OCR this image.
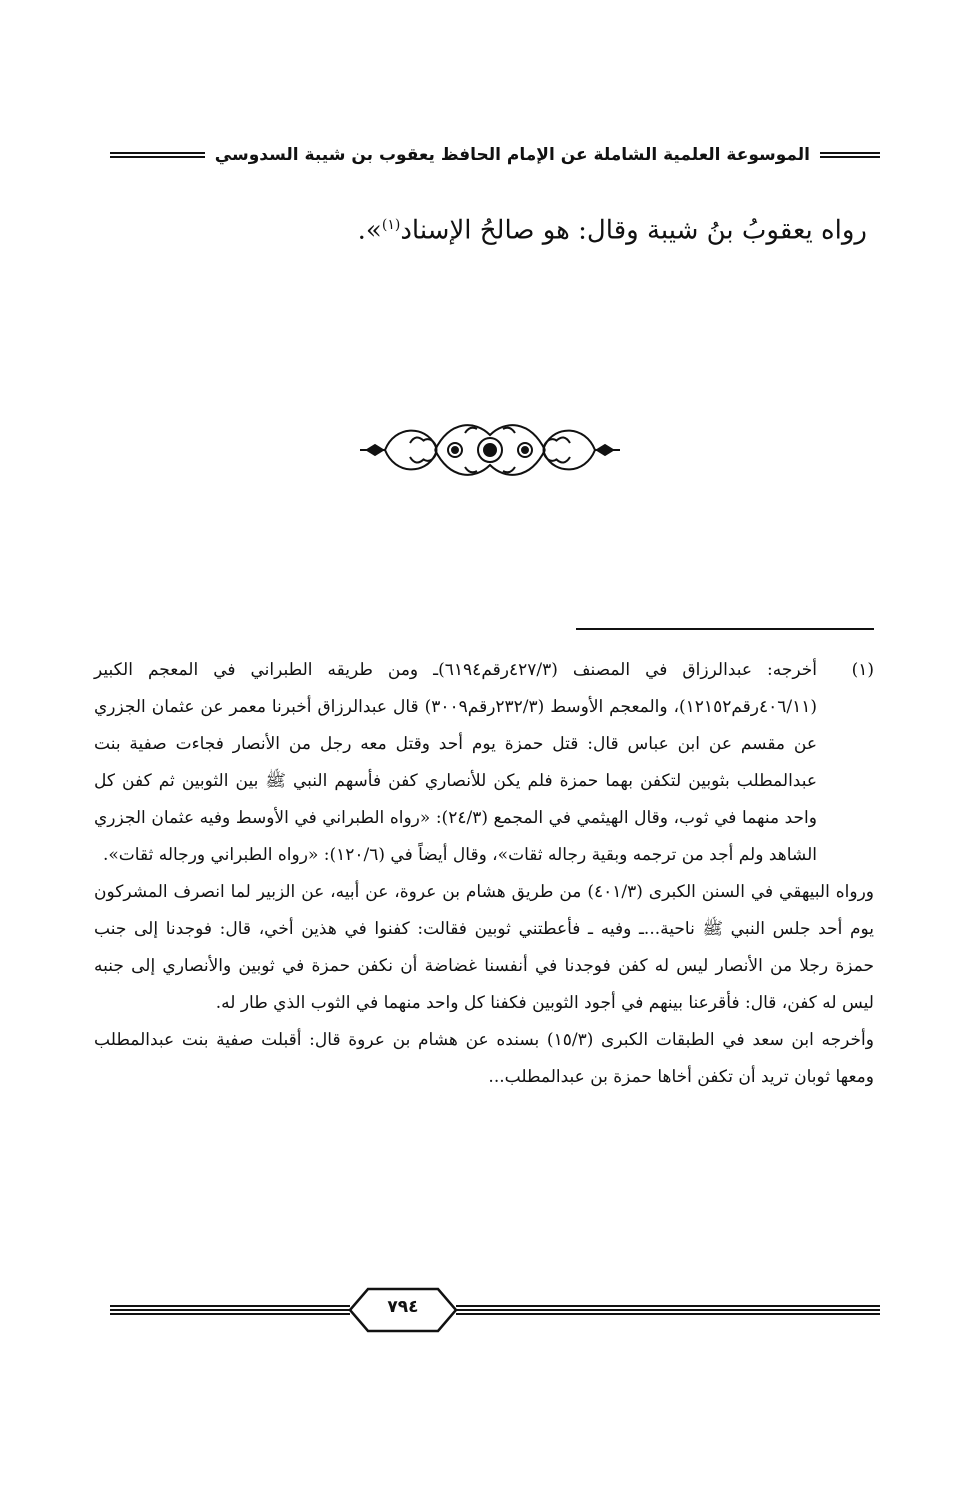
الموسوعة العلمية الشاملة عن الإمام الحافظ يعقوب بن شيبة السدوسي
رواه يعقوبُ بنُ شيبة وقال: هو صالحُ الإسناد$^{(١)}$».
(١)

أخرجه: عبدالرزاق في المصنف (٤٢٧/٣رقم٦١٩٤)ـ ومن طريقه الطبراني في المعجم الكبير (٤٠٦/١١رقم١٢١٥٢)، والمعجم الأوسط (٢٣٢/٣رقم٣٠٠٩) قال عبدالرزاق أخبرنا معمر عن عثمان الجزري عن مقسم عن ابن عباس قال: قتل حمزة يوم أحد وقتل معه رجل من الأنصار فجاءت صفية بنت عبدالمطلب بثوبين لتكفن بهما حمزة فلم يكن للأنصاري كفن فأسهم النبي ﷺ بين الثوبين ثم كفن كل واحد منهما في ثوب، وقال الهيثمي في المجمع (٢٤/٣): «رواه الطبراني في الأوسط وفيه عثمان الجزري الشاهد ولم أجد من ترجمه وبقية رجاله ثقات»، وقال أيضاً في (١٢٠/٦): «رواه الطبراني ورجاله ثقات».

ورواه البيهقي في السنن الكبرى (٤٠١/٣) من طريق هشام بن عروة، عن أبيه، عن الزبير لما انصرف المشركون يوم أحد جلس النبي ﷺ ناحية...ـ وفيه ـ فأعطتني ثوبين فقالت: كفنوا في هذين أخي، قال: فوجدنا إلى جنب حمزة رجلا من الأنصار ليس له كفن فوجدنا في أنفسنا غضاضة أن نكفن حمزة في ثوبين والأنصاري إلى جنبه ليس له كفن، قال: فأقرعنا بينهم في أجود الثوبين فكفنا كل واحد منهما في الثوب الذي طار له.

وأخرجه ابن سعد في الطبقات الكبرى (١٥/٣) بسنده عن هشام بن عروة قال: أقبلت صفية بنت عبدالمطلب ومعها ثوبان تريد أن تكفن أخاها حمزة بن عبدالمطلب...

٧٩٤
